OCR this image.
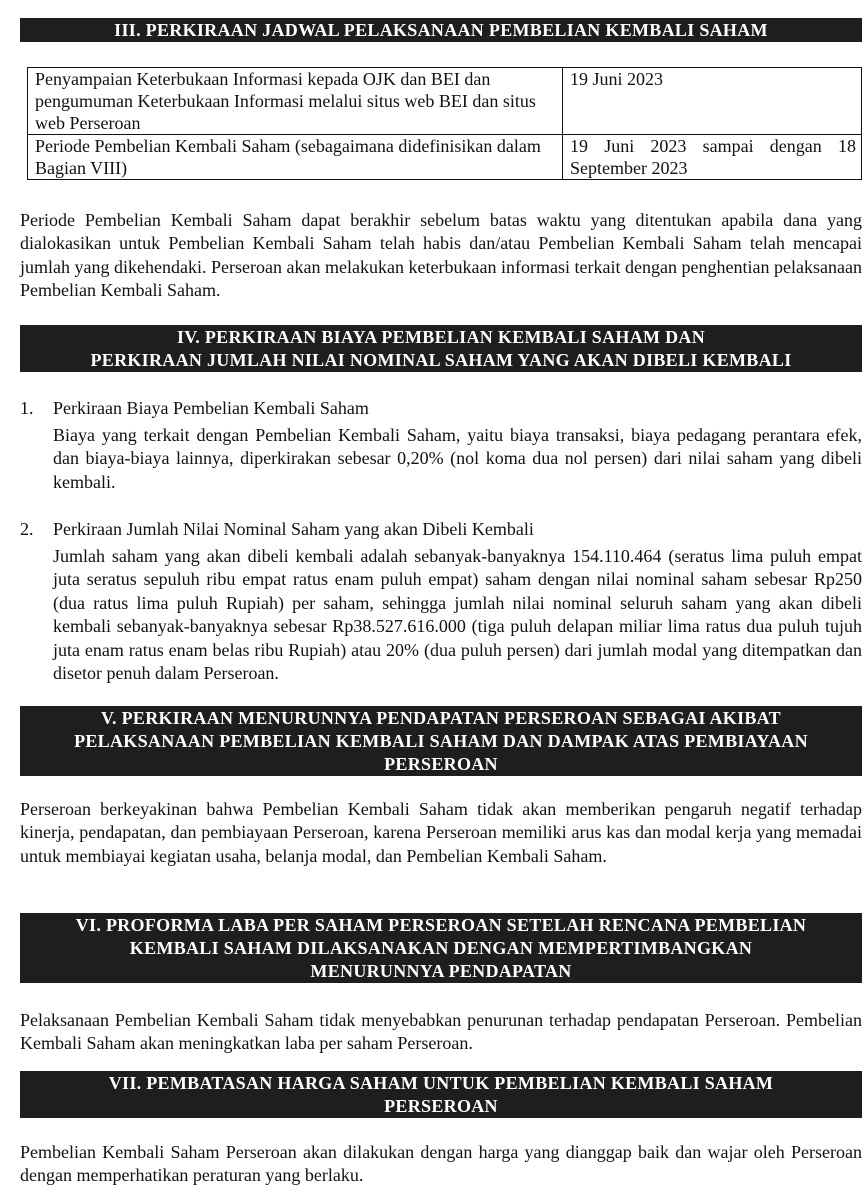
III. PERKIRAAN JADWAL PELAKSANAAN PEMBELIAN KEMBALI SAHAM
Penyampaian Keterbukaan Informasi kepada OJK dan BEI dan pengumuman Keterbukaan Informasi melalui situs web BEI dan situs web Perseroan	19 Juni 2023
Periode Pembelian Kembali Saham (sebagaimana didefinisikan dalam Bagian VIII)	19 Juni 2023 sampai dengan 18 September 2023
Periode Pembelian Kembali Saham dapat berakhir sebelum batas waktu yang ditentukan apabila dana yang dialokasikan untuk Pembelian Kembali Saham telah habis dan/atau Pembelian Kembali Saham telah mencapai jumlah yang dikehendaki. Perseroan akan melakukan keterbukaan informasi terkait dengan penghentian pelaksanaan Pembelian Kembali Saham.
IV. PERKIRAAN BIAYA PEMBELIAN KEMBALI SAHAM DAN
PERKIRAAN JUMLAH NILAI NOMINAL SAHAM YANG AKAN DIBELI KEMBALI
1. Perkiraan Biaya Pembelian Kembali Saham
Biaya yang terkait dengan Pembelian Kembali Saham, yaitu biaya transaksi, biaya pedagang perantara efek, dan biaya-biaya lainnya, diperkirakan sebesar 0,20% (nol koma dua nol persen) dari nilai saham yang dibeli kembali.
2. Perkiraan Jumlah Nilai Nominal Saham yang akan Dibeli Kembali
Jumlah saham yang akan dibeli kembali adalah sebanyak-banyaknya 154.110.464 (seratus lima puluh empat juta seratus sepuluh ribu empat ratus enam puluh empat) saham dengan nilai nominal saham sebesar Rp250 (dua ratus lima puluh Rupiah) per saham, sehingga jumlah nilai nominal seluruh saham yang akan dibeli kembali sebanyak-banyaknya sebesar Rp38.527.616.000 (tiga puluh delapan miliar lima ratus dua puluh tujuh juta enam ratus enam belas ribu Rupiah) atau 20% (dua puluh persen) dari jumlah modal yang ditempatkan dan disetor penuh dalam Perseroan.
V. PERKIRAAN MENURUNNYA PENDAPATAN PERSEROAN SEBAGAI AKIBAT
PELAKSANAAN PEMBELIAN KEMBALI SAHAM DAN DAMPAK ATAS PEMBIAYAAN
PERSEROAN
Perseroan berkeyakinan bahwa Pembelian Kembali Saham tidak akan memberikan pengaruh negatif terhadap kinerja, pendapatan, dan pembiayaan Perseroan, karena Perseroan memiliki arus kas dan modal kerja yang memadai untuk membiayai kegiatan usaha, belanja modal, dan Pembelian Kembali Saham.
VI. PROFORMA LABA PER SAHAM PERSEROAN SETELAH RENCANA PEMBELIAN
KEMBALI SAHAM DILAKSANAKAN DENGAN MEMPERTIMBANGKAN
MENURUNNYA PENDAPATAN
Pelaksanaan Pembelian Kembali Saham tidak menyebabkan penurunan terhadap pendapatan Perseroan. Pembelian Kembali Saham akan meningkatkan laba per saham Perseroan.
VII. PEMBATASAN HARGA SAHAM UNTUK PEMBELIAN KEMBALI SAHAM
PERSEROAN
Pembelian Kembali Saham Perseroan akan dilakukan dengan harga yang dianggap baik dan wajar oleh Perseroan dengan memperhatikan peraturan yang berlaku.
